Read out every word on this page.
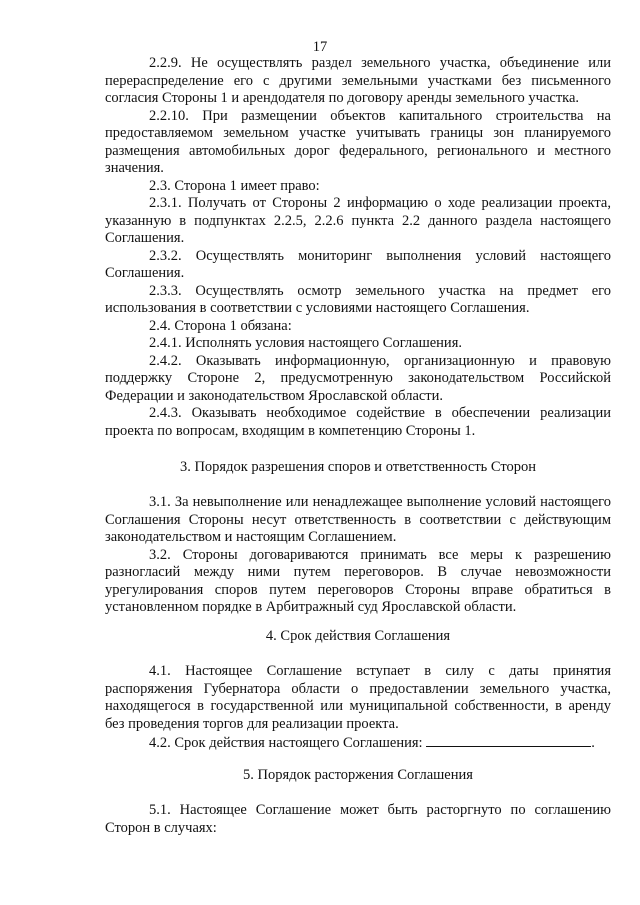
17

2.2.9. Не осуществлять раздел земельного участка, объединение или перераспределение его с другими земельными участками без письменного согласия Стороны 1 и арендодателя по договору аренды земельного участка.

2.2.10. При размещении объектов капитального строительства на предоставляемом земельном участке учитывать границы зон планируемого размещения автомобильных дорог федерального, регионального и местного значения.

2.3. Сторона 1 имеет право:

2.3.1. Получать от Стороны 2 информацию о ходе реализации проекта, указанную в подпунктах 2.2.5, 2.2.6 пункта 2.2 данного раздела настоящего Соглашения.

2.3.2. Осуществлять мониторинг выполнения условий настоящего Соглашения.

2.3.3. Осуществлять осмотр земельного участка на предмет его использования в соответствии с условиями настоящего Соглашения.

2.4. Сторона 1 обязана:

2.4.1. Исполнять условия настоящего Соглашения.

2.4.2. Оказывать информационную, организационную и правовую поддержку Стороне 2, предусмотренную законодательством Российской Федерации и законодательством Ярославской области.

2.4.3. Оказывать необходимое содействие в обеспечении реализации проекта по вопросам, входящим в компетенцию Стороны 1.

3. Порядок разрешения споров и ответственность Сторон

3.1. За невыполнение или ненадлежащее выполнение условий настоящего Соглашения Стороны несут ответственность в соответствии с действующим законодательством и настоящим Соглашением.

3.2. Стороны договариваются принимать все меры к разрешению разногласий между ними путем переговоров. В случае невозможности урегулирования споров путем переговоров Стороны вправе обратиться в установленном порядке в Арбитражный суд Ярославской области.

4. Срок действия Соглашения

4.1. Настоящее Соглашение вступает в силу с даты принятия распоряжения Губернатора области о предоставлении земельного участка, находящегося в государственной или муниципальной собственности, в аренду без проведения торгов для реализации проекта.

4.2. Срок действия настоящего Соглашения:	.

5. Порядок расторжения Соглашения

5.1. Настоящее Соглашение может быть расторгнуто по соглашению Сторон в случаях:
